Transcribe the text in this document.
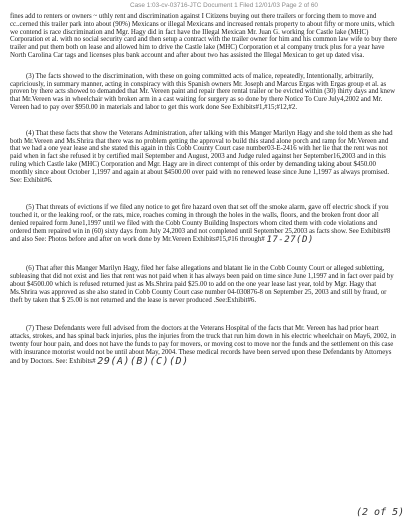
Case 1:03-cv-03716-JTC Document 1 Filed 12/01/03 Page 2 of 60

fines add to renters or owners ~ uthly rent and discrimination against I Citizens buying out there trailers or forcing them to move and cc..cerned this trailer park into about (90%) Mexicans or illegal Mexicans and increased rentals property to about fifty or more units, which we contend is race discrimination and Mgr. Hagy did in fact have the Illegal Mexican Mr. Juan G. working for Castle lake (MHC) Corporation et al. with no social security card and then setup a contract with the trailer owner for him and his common law wife to buy there trailer and put them both on lease and allowed him to drive the Castle lake (MHC) Corporation et al company truck plus for a year have North Carolina Car tags and licenses plus bank account and after about two has assisted the Illegal Mexican to get up dated visa.

(3) The facts showed to the discrimination, with these on going committed acts of malice, repeatedly, Intentionally, arbitrarily, capriciously, in summary manner, acting in conspiracy with this Spanish owners Mr. Joseph and Marcus Ergas with Ergas group et al. as proven by there acts showed to demanded that Mr. Vereen paint and repair there rental trailer or be evicted within (30) thirty days and knew that Mr.Vereen was in wheelchair with broken arm in a cast waiting for surgery as so done by there Notice To Cure July4,2002 and Mr. Vereen had to pay over $950.00 in materials and labor to get this work done See Exhibits#1,#15;#12,#2.

(4) That these facts that show the Veterans Administration, after talking with this Manger Marilyn Hagy and she told them as she had both Mr.Vereen and Ms.Shrira that there was no problem getting the approval to build this stand alone porch and ramp for Mr.Vereen and that we had a one year lease and she stated this again in this Cobb County Court case number03-E-2416 with her lie that the rent was not paid when in fact she refused it by certified mail September and August, 2003 and Judge ruled against her September16,2003 and in this ruling which Castle lake (MHC) Corporation and Mgr. Hagy are in direct contempt of this order by demanding taking about $450.00 monthly since about October 1,1997 and again at about $4500.00 over paid with no renewed lease since June 1,1997 as always promised. See: Exhibit#6.

(5) That threats of evictions if we filed any notice to get fire hazard oven that set off the smoke alarm, gave off electric shock if you touched it, or the leaking roof, or the rats, mice, roaches coming in through the holes in the walls, floors, and the broken front door all denied repaired form June1,1997 until we filed with the Cobb County Building Inspectors whom cited them with code violations and ordered them repaired win in (60) sixty days from July 24,2003 and not completed until September 25,2003 as facts show. See Exhibits#8 and also See: Photos before and after on work done by Mr.Vereen Exhibits#15,#16 through# 17-27(D)

(6) That after this Manger Marilyn Hagy, filed her false allegations and blatant lie in the Cobb County Court or alleged subletting, subleasing that did not exist and lies that rent was not paid when it has always been paid on time since June 1,1997 and in fact over paid by about $4500.00 which is refused returned just as Ms.Shrira paid $25.00 to add on the one year lease last year, told by Mgr. Hagy that Ms.Shrira was approved as she also stated in Cobb County Court case number 04-030876-8 on September 25, 2003 and still by fraud, or theft by taken that $ 25.00 is not returned and the lease is never produced .See:Exhibit#6.

(7) These Defendants were full advised from the doctors at the Veterans Hospital of the facts that Mr. Vereen has had prior heart attacks, strokes, and has spinal back injuries, plus the injuries from the truck that run him down in his electric wheelchair on May6, 2002, in twenty four hour pain, and does not have the funds to pay for movers, or moving cost to move nor the funds and the settlement on this case with insurance motorist would not be until about May, 2004. These medical records have been served upon these Defendants by Attorneys and by Doctors. See: Exhibits# 29(A)(B)(C)(D)

(2 of 5)
